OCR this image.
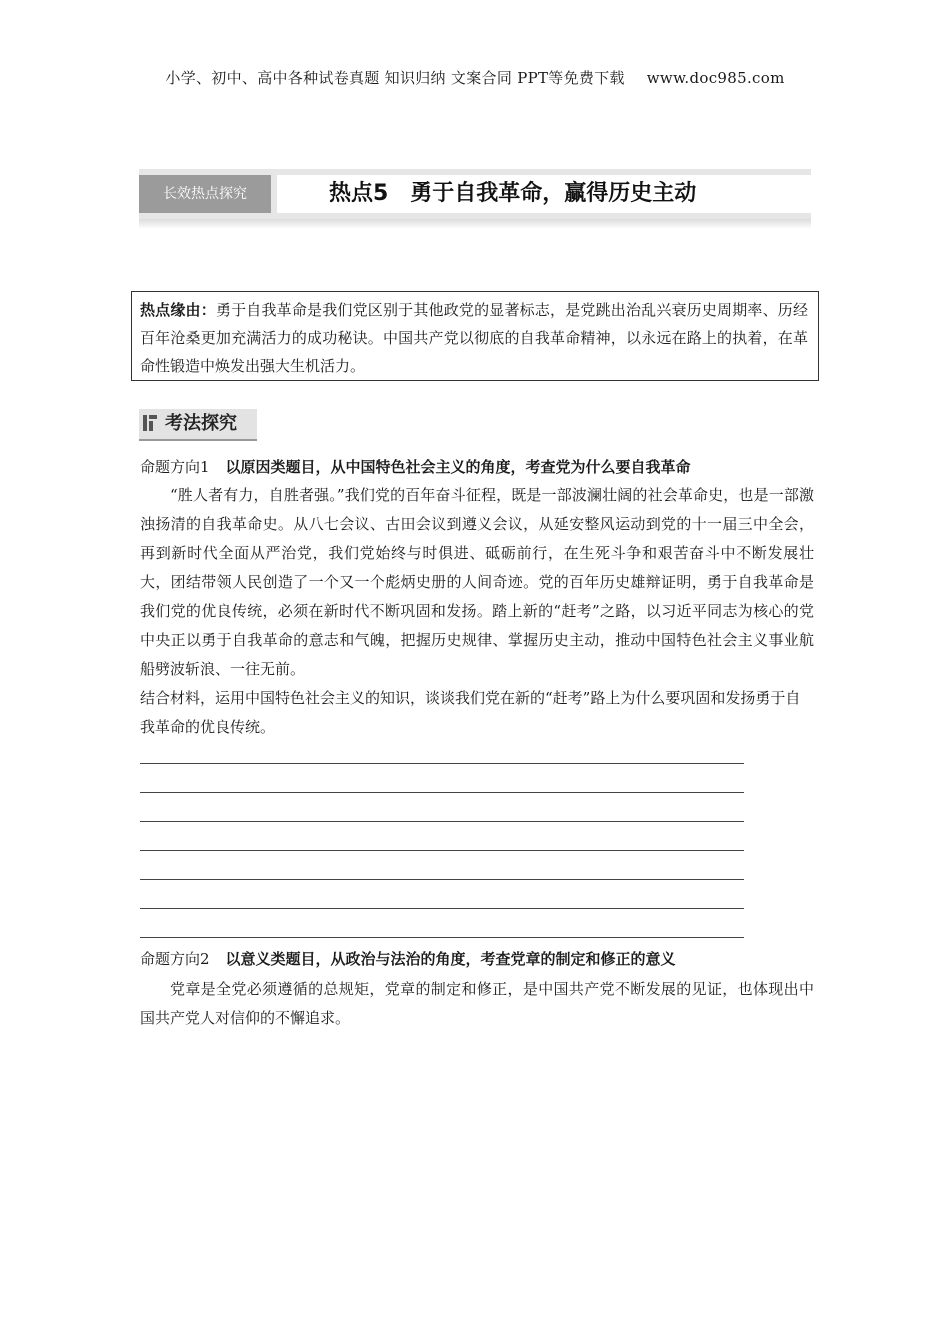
小学、初中、高中各种试卷真题 知识归纳 文案合同 PPT等免费下载 www.doc985.com
长效热点探究	热点5　勇于自我革命，赢得历史主动
热点缘由：勇于自我革命是我们党区别于其他政党的显著标志，是党跳出治乱兴衰历史周期率、历经百年沧桑更加充满活力的成功秘诀。中国共产党以彻底的自我革命精神，以永远在路上的执着，在革命性锻造中焕发出强大生机活力。
考法探究
命题方向1 以原因类题目，从中国特色社会主义的角度，考查党为什么要自我革命

“胜人者有力，自胜者强。”我们党的百年奋斗征程，既是一部波澜壮阔的社会革命史，也是一部激浊扬清的自我革命史。从八七会议、古田会议到遵义会议，从延安整风运动到党的十一届三中全会，再到新时代全面从严治党，我们党始终与时俱进、砥砺前行，在生死斗争和艰苦奋斗中不断发展壮大，团结带领人民创造了一个又一个彪炳史册的人间奇迹。党的百年历史雄辩证明，勇于自我革命是我们党的优良传统，必须在新时代不断巩固和发扬。踏上新的“赶考”之路，以习近平同志为核心的党中央正以勇于自我革命的意志和气魄，把握历史规律、掌握历史主动，推动中国特色社会主义事业航船劈波斩浪、一往无前。

结合材料，运用中国特色社会主义的知识，谈谈我们党在新的“赶考”路上为什么要巩固和发扬勇于自我革命的优良传统。

命题方向2 以意义类题目，从政治与法治的角度，考查党章的制定和修正的意义

党章是全党必须遵循的总规矩，党章的制定和修正，是中国共产党不断发展的见证，也体现出中国共产党人对信仰的不懈追求。
